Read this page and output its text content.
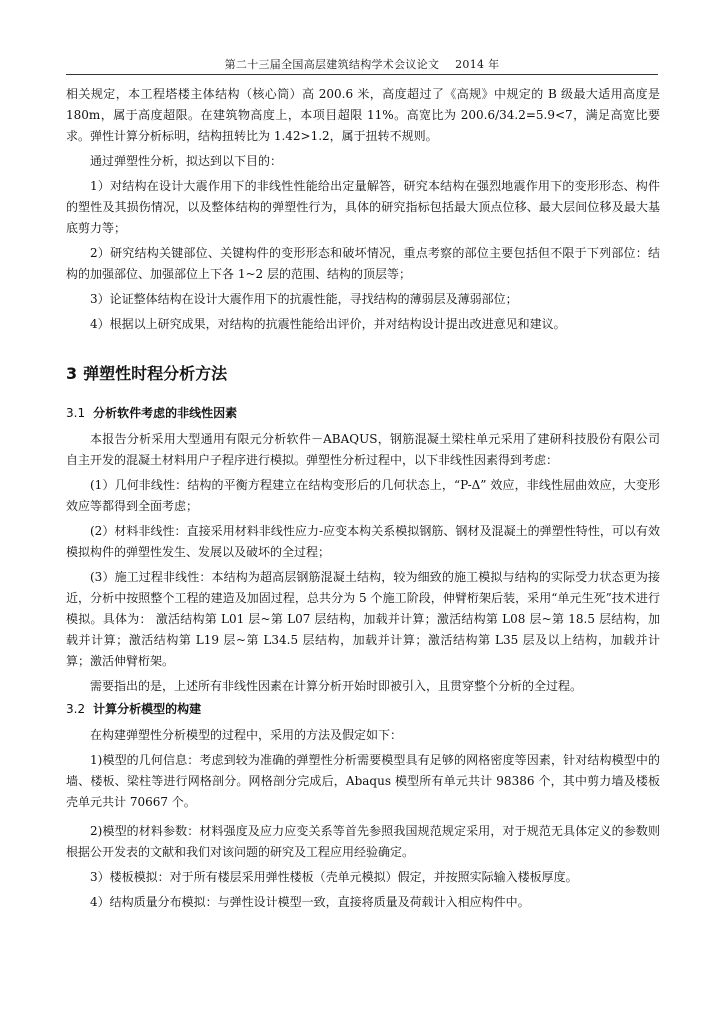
第二十三届全国高层建筑结构学术会议论文 2014 年

相关规定，本工程塔楼主体结构（核心筒）高 200.6 米，高度超过了《高规》中规定的 B 级最大适用高度是 180m，属于高度超限。在建筑物高度上，本项目超限 11%。高宽比为 200.6/34.2=5.9<7，满足高宽比要求。弹性计算分析标明，结构扭转比为 1.42>1.2，属于扭转不规则。

通过弹塑性分析，拟达到以下目的：

1）对结构在设计大震作用下的非线性性能给出定量解答，研究本结构在强烈地震作用下的变形形态、构件的塑性及其损伤情况，以及整体结构的弹塑性行为，具体的研究指标包括最大顶点位移、最大层间位移及最大基底剪力等；

2）研究结构关键部位、关键构件的变形形态和破坏情况，重点考察的部位主要包括但不限于下列部位：结构的加强部位、加强部位上下各 1~2 层的范围、结构的顶层等；

3）论证整体结构在设计大震作用下的抗震性能，寻找结构的薄弱层及薄弱部位；

4）根据以上研究成果，对结构的抗震性能给出评价，并对结构设计提出改进意见和建议。

3 弹塑性时程分析方法
3.1 分析软件考虑的非线性因素

本报告分析采用大型通用有限元分析软件－ABAQUS，钢筋混凝土梁柱单元采用了建研科技股份有限公司自主开发的混凝土材料用户子程序进行模拟。弹塑性分析过程中，以下非线性因素得到考虑：

(1）几何非线性：结构的平衡方程建立在结构变形后的几何状态上，“P-Δ” 效应，非线性屈曲效应，大变形效应等都得到全面考虑；

(2）材料非线性：直接采用材料非线性应力-应变本构关系模拟钢筋、钢材及混凝土的弹塑性特性，可以有效模拟构件的弹塑性发生、发展以及破坏的全过程；

(3）施工过程非线性：本结构为超高层钢筋混凝土结构，较为细致的施工模拟与结构的实际受力状态更为接近，分析中按照整个工程的建造及加固过程，总共分为 5 个施工阶段，伸臂桁架后装，采用“单元生死”技术进行模拟。具体为： 激活结构第 L01 层~第 L07 层结构，加载并计算；激活结构第 L08 层~第 18.5 层结构，加载并计算；激活结构第 L19 层~第 L34.5 层结构，加载并计算；激活结构第 L35 层及以上结构，加载并计算；激活伸臂桁架。

需要指出的是，上述所有非线性因素在计算分析开始时即被引入，且贯穿整个分析的全过程。

3.2 计算分析模型的构建

在构建弹塑性分析模型的过程中，采用的方法及假定如下：

1)模型的几何信息：考虑到较为准确的弹塑性分析需要模型具有足够的网格密度等因素，针对结构模型中的墙、楼板、梁柱等进行网格剖分。网格剖分完成后，Abaqus 模型所有单元共计 98386 个，其中剪力墙及楼板壳单元共计 70667 个。

2)模型的材料参数：材料强度及应力应变关系等首先参照我国规范规定采用，对于规范无具体定义的参数则根据公开发表的文献和我们对该问题的研究及工程应用经验确定。

3）楼板模拟：对于所有楼层采用弹性楼板（壳单元模拟）假定，并按照实际输入楼板厚度。

4）结构质量分布模拟：与弹性设计模型一致，直接将质量及荷载计入相应构件中。
